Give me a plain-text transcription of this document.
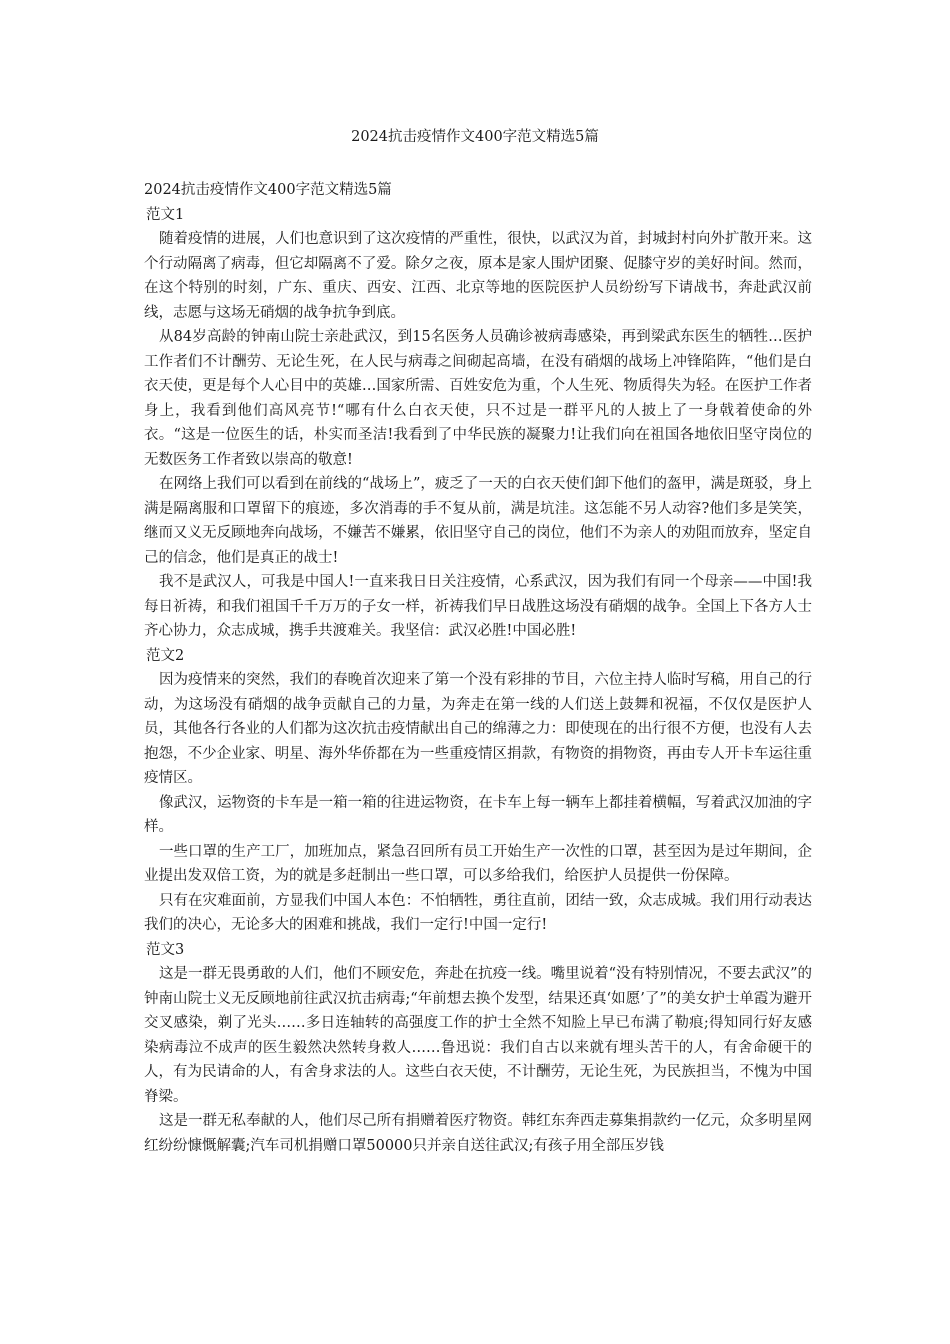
2024抗击疫情作文400字范文精选5篇

2024抗击疫情作文400字范文精选5篇

范文1

随着疫情的进展，人们也意识到了这次疫情的严重性，很快，以武汉为首，封城封村向外扩散开来。这个行动隔离了病毒，但它却隔离不了爱。除夕之夜，原本是家人围炉团聚、促膝守岁的美好时间。然而，在这个特别的时刻，广东、重庆、西安、江西、北京等地的医院医护人员纷纷写下请战书，奔赴武汉前线，志愿与这场无硝烟的战争抗争到底。

从84岁高龄的钟南山院士亲赴武汉，到15名医务人员确诊被病毒感染，再到梁武东医生的牺牲…医护工作者们不计酬劳、无论生死，在人民与病毒之间砌起高墙，在没有硝烟的战场上冲锋陷阵，“他们是白衣天使，更是每个人心目中的英雄…国家所需、百姓安危为重，个人生死、物质得失为轻。在医护工作者身上，我看到他们高风亮节!“哪有什么白衣天使，只不过是一群平凡的人披上了一身戟着使命的外衣。“这是一位医生的话，朴实而圣洁!我看到了中华民族的凝聚力!让我们向在祖国各地依旧坚守岗位的无数医务工作者致以崇高的敬意!

在网络上我们可以看到在前线的“战场上”，疲乏了一天的白衣天使们卸下他们的盔甲，满是斑驳，身上满是隔离服和口罩留下的痕迹，多次消毒的手不复从前，满是坑洼。这怎能不另人动容?他们多是笑笑，继而又义无反顾地奔向战场，不嫌苦不嫌累，依旧坚守自己的岗位，他们不为亲人的劝阻而放弃，坚定自己的信念，他们是真正的战士!

我不是武汉人，可我是中国人!一直来我日日关注疫情，心系武汉，因为我们有同一个母亲——中国!我每日祈祷，和我们祖国千千万万的子女一样，祈祷我们早日战胜这场没有硝烟的战争。全国上下各方人士齐心协力，众志成城，携手共渡难关。我坚信：武汉必胜!中国必胜!

范文2

因为疫情来的突然，我们的春晚首次迎来了第一个没有彩排的节目，六位主持人临时写稿，用自己的行动，为这场没有硝烟的战争贡献自己的力量，为奔走在第一线的人们送上鼓舞和祝福，不仅仅是医护人员，其他各行各业的人们都为这次抗击疫情献出自己的绵薄之力：即使现在的出行很不方便，也没有人去抱怨，不少企业家、明星、海外华侨都在为一些重疫情区捐款，有物资的捐物资，再由专人开卡车运往重疫情区。

像武汉，运物资的卡车是一箱一箱的往进运物资，在卡车上每一辆车上都挂着横幅，写着武汉加油的字样。

一些口罩的生产工厂，加班加点，紧急召回所有员工开始生产一次性的口罩，甚至因为是过年期间，企业提出发双倍工资，为的就是多赶制出一些口罩，可以多给我们，给医护人员提供一份保障。

只有在灾难面前，方显我们中国人本色：不怕牺牲，勇往直前，团结一致，众志成城。我们用行动表达我们的决心，无论多大的困难和挑战，我们一定行!中国一定行!

范文3

这是一群无畏勇敢的人们，他们不顾安危，奔赴在抗疫一线。嘴里说着“没有特别情况，不要去武汉”的钟南山院士义无反顾地前往武汉抗击病毒;“年前想去换个发型，结果还真‘如愿’了”的美女护士单霞为避开交叉感染，剃了光头……多日连轴转的高强度工作的护士全然不知脸上早已布满了勒痕;得知同行好友感染病毒泣不成声的医生毅然决然转身救人……鲁迅说：我们自古以来就有埋头苦干的人，有舍命硬干的人，有为民请命的人，有舍身求法的人。这些白衣天使，不计酬劳，无论生死，为民族担当，不愧为中国脊梁。

这是一群无私奉献的人，他们尽己所有捐赠着医疗物资。韩红东奔西走募集捐款约一亿元，众多明星网红纷纷慷慨解囊;汽车司机捐赠口罩50000只并亲自送往武汉;有孩子用全部压岁钱
